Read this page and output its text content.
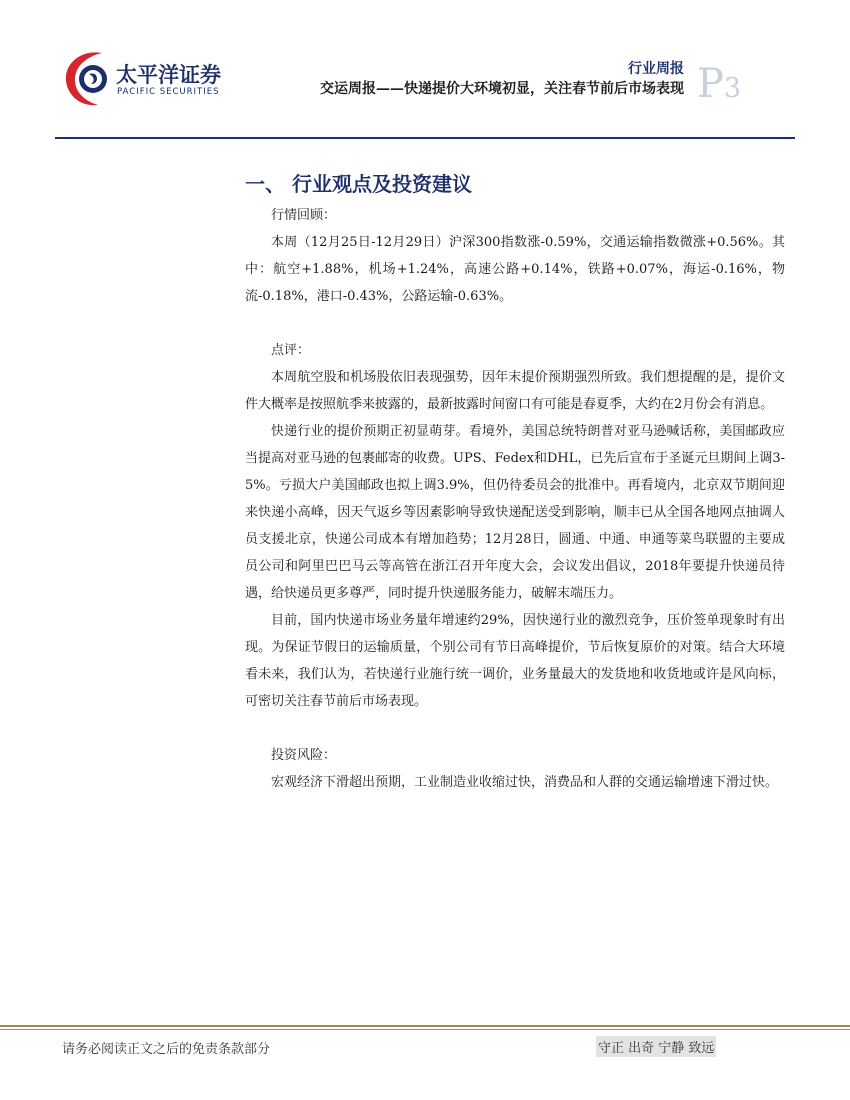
太平洋证券
PACIFIC SECURITIES
行业周报
交运周报——快递提价大环境初显，关注春节前后市场表现 P3
一、 行业观点及投资建议

行情回顾：

本周（12月25日-12月29日）沪深300指数涨-0.59%，交通运输指数微涨+0.56%。其中：航空+1.88%，机场+1.24%，高速公路+0.14%，铁路+0.07%，海运-0.16%，物流-0.18%，港口-0.43%，公路运输-0.63%。

点评：

本周航空股和机场股依旧表现强势，因年末提价预期强烈所致。我们想提醒的是，提价文件大概率是按照航季来披露的，最新披露时间窗口有可能是春夏季，大约在2月份会有消息。

快递行业的提价预期正初显萌芽。看境外，美国总统特朗普对亚马逊喊话称，美国邮政应当提高对亚马逊的包裹邮寄的收费。UPS、Fedex和DHL，已先后宣布于圣诞元旦期间上调3-5%。亏损大户美国邮政也拟上调3.9%，但仍待委员会的批准中。再看境内，北京双节期间迎来快递小高峰，因天气返乡等因素影响导致快递配送受到影响，顺丰已从全国各地网点抽调人员支援北京，快递公司成本有增加趋势；12月28日，圆通、中通、申通等菜鸟联盟的主要成员公司和阿里巴巴马云等高管在浙江召开年度大会，会议发出倡议，2018年要提升快递员待遇，给快递员更多尊严，同时提升快递服务能力，破解末端压力。

目前，国内快递市场业务量年增速约29%，因快递行业的激烈竞争，压价签单现象时有出现。为保证节假日的运输质量，个别公司有节日高峰提价，节后恢复原价的对策。结合大环境看未来，我们认为，若快递行业施行统一调价，业务量最大的发货地和收货地或许是风向标，可密切关注春节前后市场表现。

投资风险：

宏观经济下滑超出预期，工业制造业收缩过快，消费品和人群的交通运输增速下滑过快。

请务必阅读正文之后的免责条款部分	守正 出奇 宁静 致远
